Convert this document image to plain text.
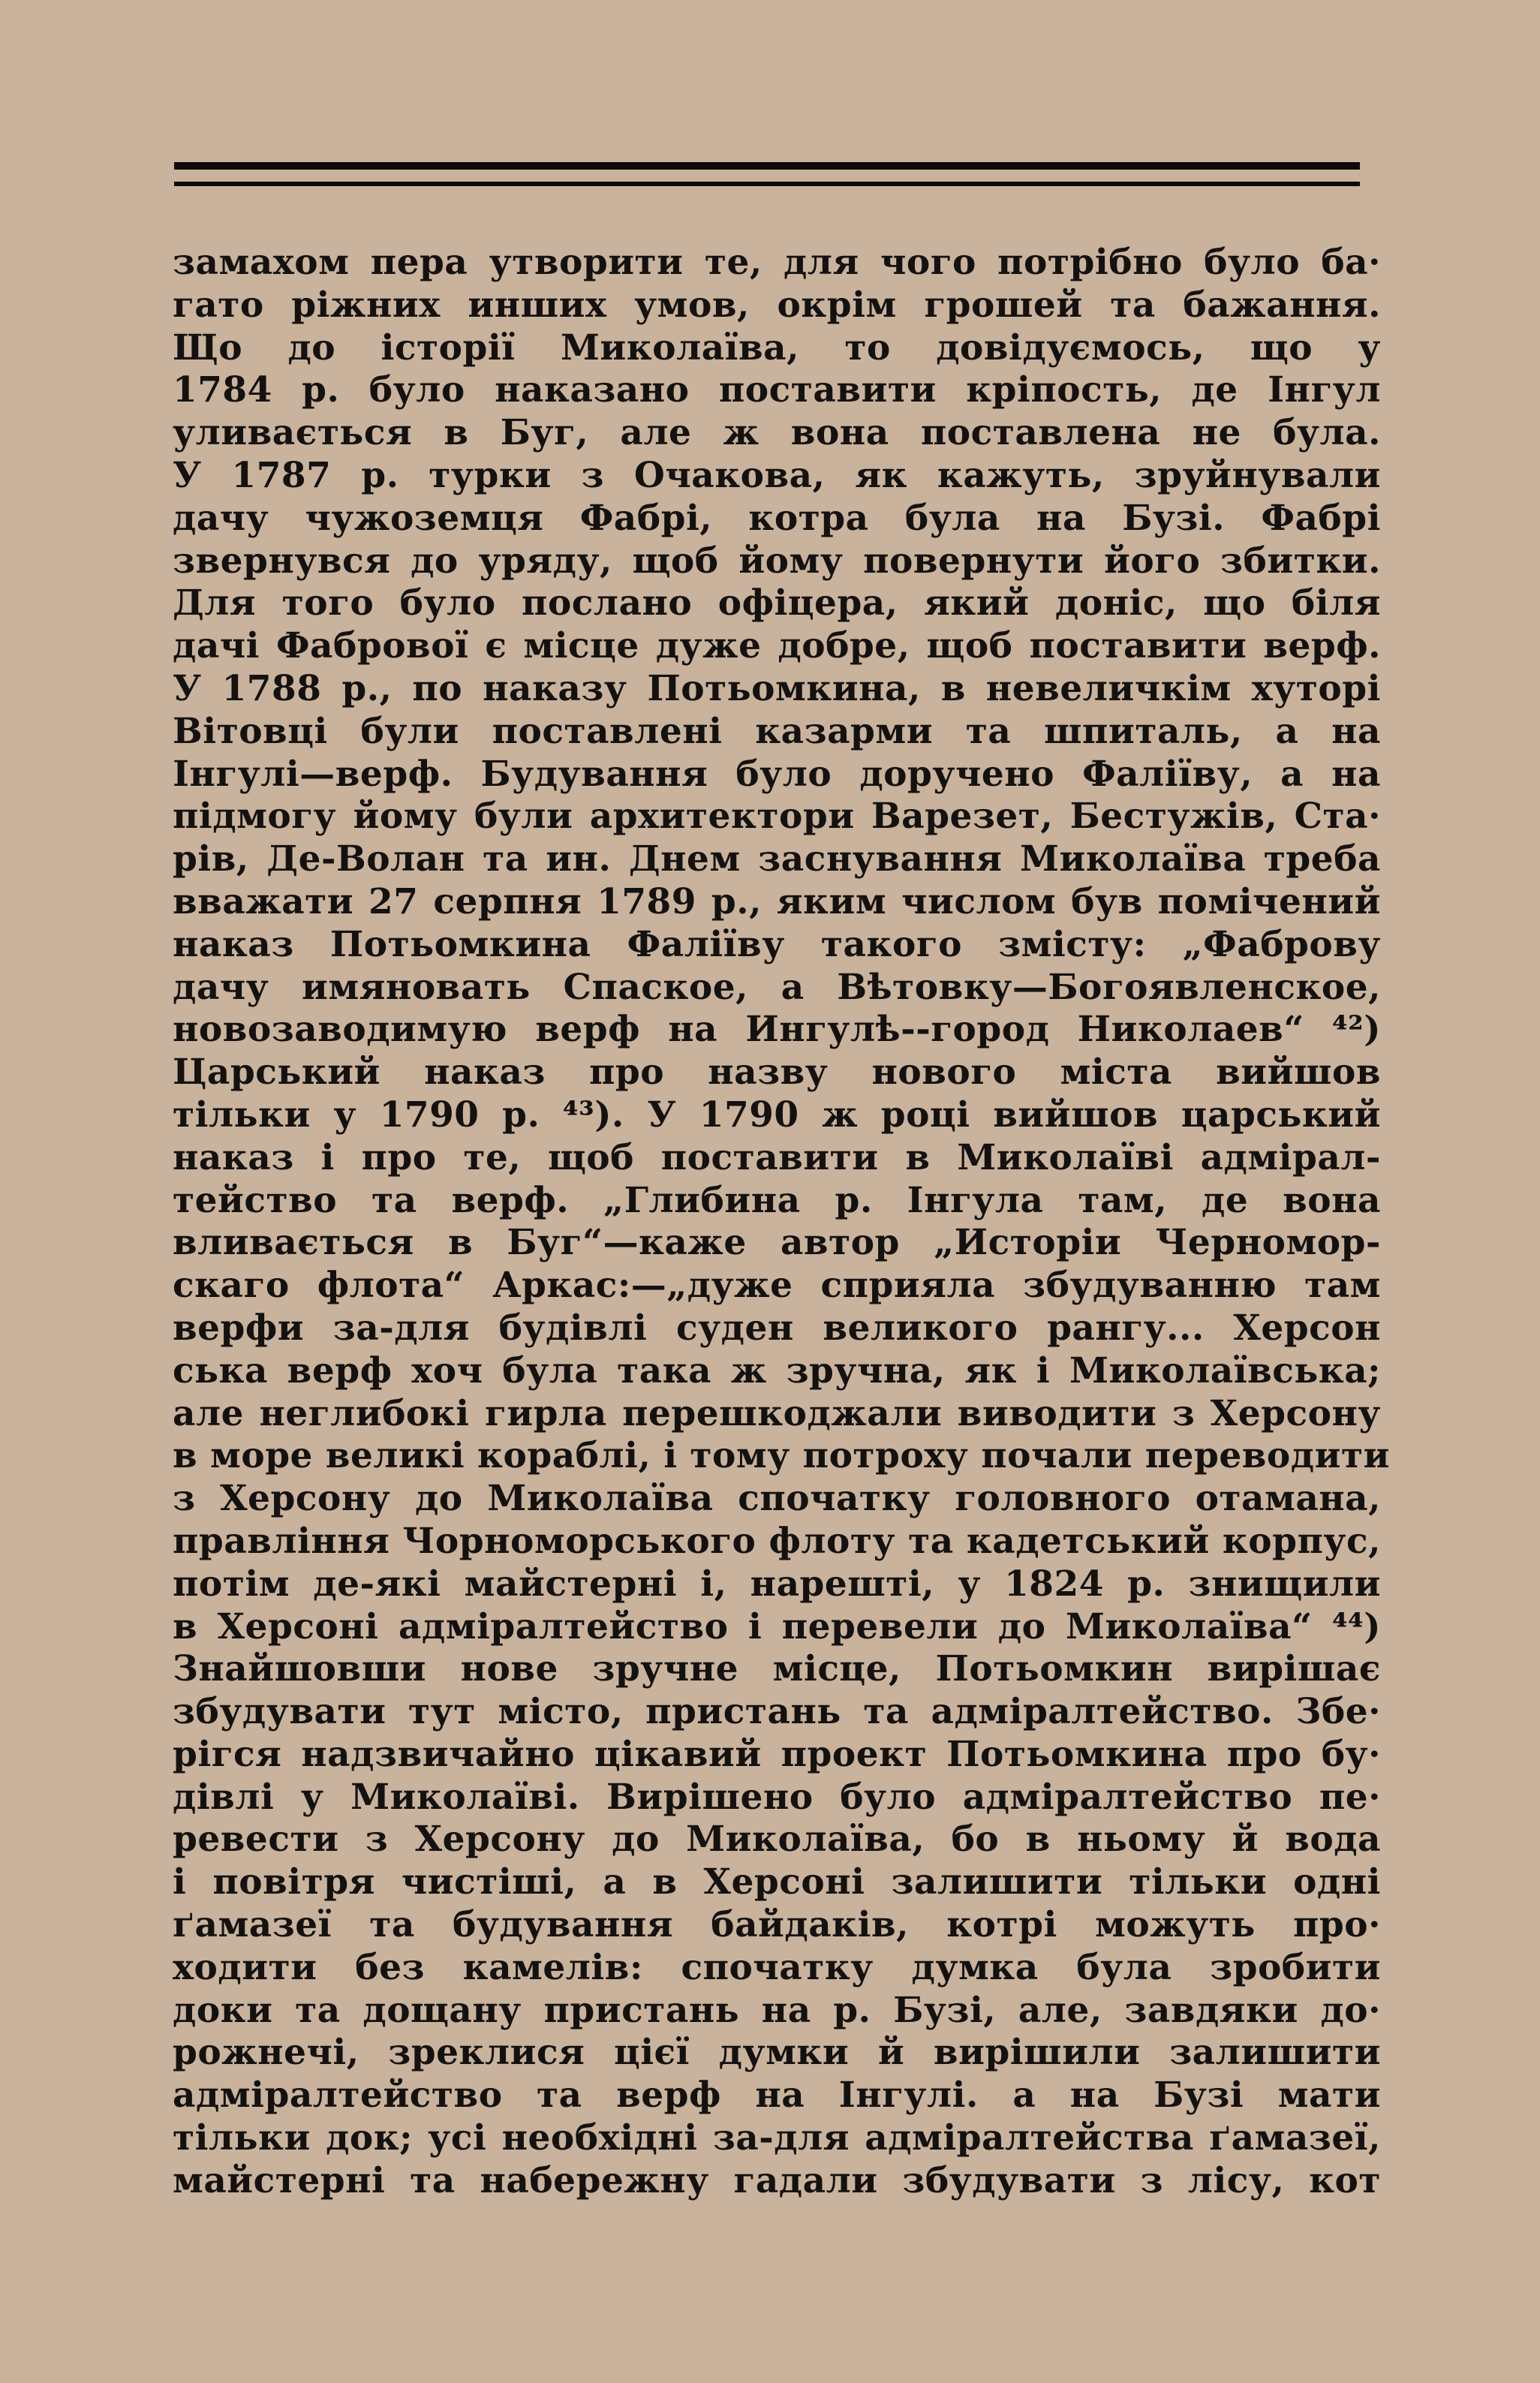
замахом пера утворити те, для чого потрібно було ба·
гато ріжних инших умов, окрім грошей та бажання.
Що до історії Миколаїва, то довідуємось, що у
1784 р. було наказано поставити кріпость, де Інгул
уливається в Буг, але ж вона поставлена не була.
У 1787 р. турки з Очакова, як кажуть, зруйнували
дачу чужоземця Фабрі, котра була на Бузі. Фабрі
звернувся до уряду, щоб йому повернути його збитки.
Для того було послано офіцера, який доніс, що біля
дачі Фабрової є місце дуже добре, щоб поставити верф.
У 1788 р., по наказу Потьомкина, в невеличкім хуторі
Вітовці були поставлені казарми та шпиталь, а на
Інгулі—верф. Будування було доручено Фаліїву, а на
підмогу йому були архитектори Варезет, Бестужів, Ста·
рів, Де-Волан та ин. Днем заснування Миколаїва треба
вважати 27 серпня 1789 р., яким числом був помічений
наказ Потьомкина Фаліїву такого змісту: „Фаброву
дачу имяновать Спаское, а Вѣтовку—Богоявленское,
новозаводимую верф на Ингулѣ--город Николаев“ ⁴²)
Царський наказ про назву нового міста вийшов
тільки у 1790 р. ⁴³). У 1790 ж році вийшов царський
наказ і про те, щоб поставити в Миколаїві адмірал-
тейство та верф. „Глибина р. Інгула там, де вона
вливається в Буг“—каже автор „Исторіи Черномор-
скаго флота“ Аркас:—„дуже сприяла збудуванню там
верфи за-для будівлі суден великого рангу... Херсон
ська верф хоч була така ж зручна, як і Миколаївська;
але неглибокі гирла перешкоджали виводити з Херсону
в море великі кораблі, і тому потроху почали переводити
з Херсону до Миколаїва спочатку головного отамана,
правління Чорноморського флоту та кадетський корпус,
потім де-які майстерні і, нарешті, у 1824 р. знищили
в Херсоні адміралтейство і перевели до Миколаїва“ ⁴⁴)
Знайшовши нове зручне місце, Потьомкин вирішає
збудувати тут місто, пристань та адміралтейство. Збе·
рігся надзвичайно цікавий проект Потьомкина про бу·
дівлі у Миколаїві. Вирішено було адміралтейство пе·
ревести з Херсону до Миколаїва, бо в ньому й вода
і повітря чистіші, а в Херсоні залишити тільки одні
ґамазеї та будування байдаків, котрі можуть про·
ходити без камелів: спочатку думка була зробити
доки та дощану пристань на р. Бузі, але, завдяки до·
рожнечі, зреклися цієї думки й вирішили залишити
адміралтейство та верф на Інгулі. а на Бузі мати
тільки док; усі необхідні за-для адміралтейства ґамазеї,
майстерні та набережну гадали збудувати з лісу, кот
